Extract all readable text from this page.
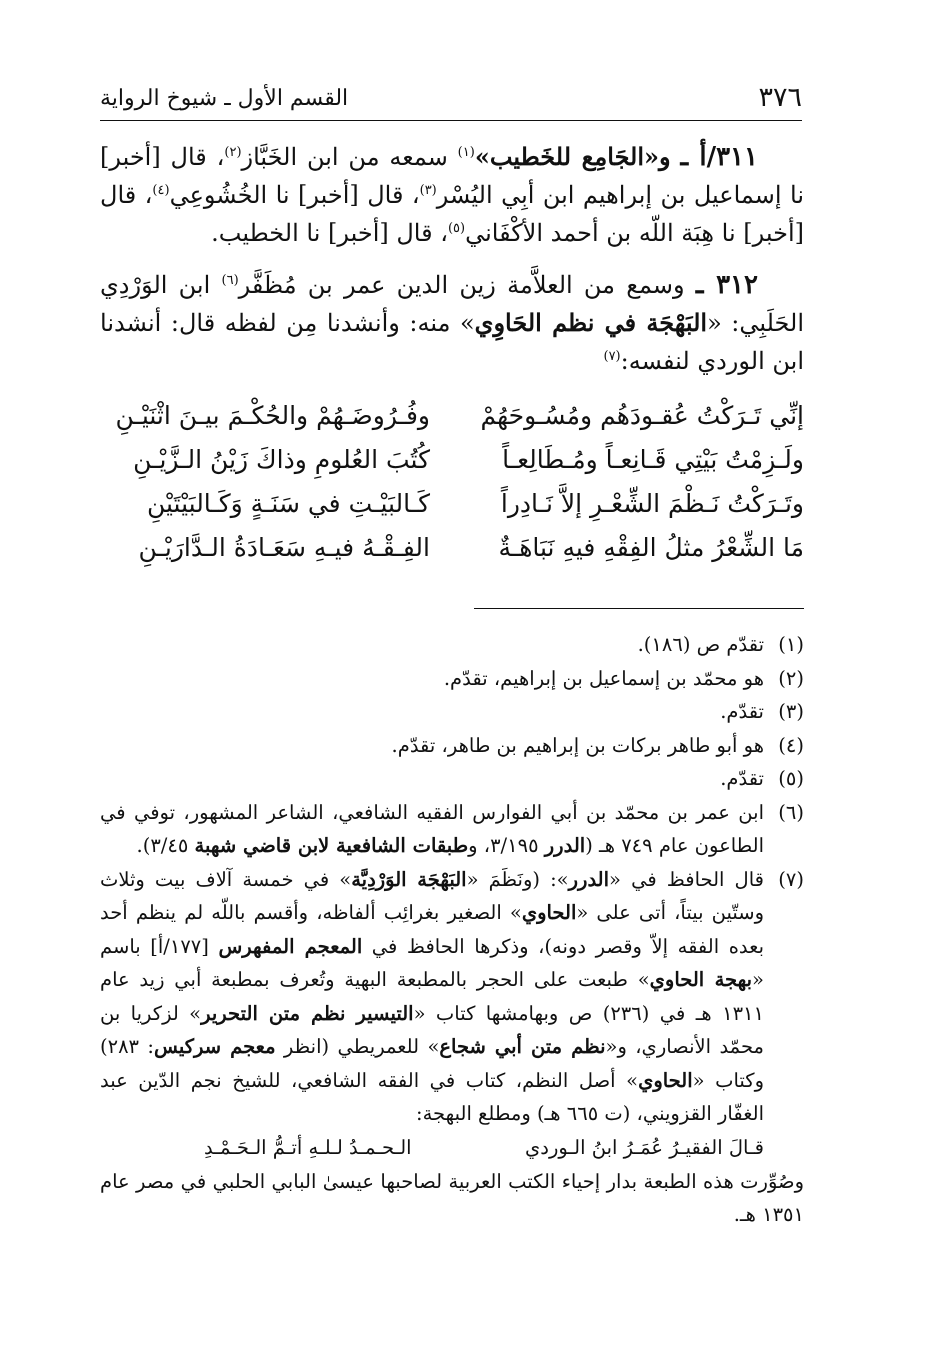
٣٧٦
القسم الأول ـ شيوخ الرواية

٣١١/أ ـ و«الجَامِع للخَطيب»$^{(١)}$ سمعه من ابن الخَبَّاز$^{(٢)}$، قال [أخبر] نا إسماعيل بن إبراهيم ابن أبِي اليُسْر$^{(٣)}$، قال [أخبر] نا الخُشُوعِي$^{(٤)}$، قال [أخبر] نا هِبَة اللّه بن أحمد الأكْفَاني$^{(٥)}$، قال [أخبر] نا الخطيب.

٣١٢ ـ وسمع من العلاَّمة زين الدين عمر بن مُظَفَّر$^{(٦)}$ ابن الوَرْدِي الحَلَبِي: «البَهْجَة في نظم الحَاوِي» منه: وأنشدنا مِن لفظه قال: أنشدنا ابن الوردي لنفسه:$^{(٧)}$

إنِّي تَـرَكْتُ عُقـودَهُم ومُسُـوحَهُمْ
وفُـرُوضَـهُمْ والحُكْـمَ بيـنَ اثْنَيْـنِ
ولَـزِمْتُ بَيْتِي قَـانِعـاً ومُـطَالِعـاً
كُتُبَ العُلومِ وذاكَ زَيْنُ الـزَّيْـنِ
وتَـرَكْتُ نَـظْمَ الشِّعْـرِ إلاَّ نَـادِراً
كَـالبَيْـتِ في سَنَـةٍ وَكَـالبَيْتَيْنِ
مَا الشِّعْرُ مثلُ الفِقْهِ فيهِ نَبَاهَـةٌ
الفِـقْـهُ فيـهِ سَعَـادَةُ الـدَّارَيْـنِ
(١)
تقدّم ص (١٨٦).
(٢)
هو محمّد بن إسماعيل بن إبراهيم، تقدّم.
(٣)
تقدّم.
(٤)
هو أبو طاهر بركات بن إبراهيم بن طاهر، تقدّم.
(٥)
تقدّم.
(٦)
ابن عمر بن محمّد بن أبي الفوارس الفقيه الشافعي، الشاعر المشهور، توفي في الطاعون عام ٧٤٩ هـ (الدرر ٣/١٩٥، وطبقات الشافعية لابن قاضي شهبة ٣/٤٥).
(٧)
قال الحافظ في «الدرر»: (ونَظَمَ «البَهْجَة الوَرْدِيَّة» في خمسة آلاف بيت وثلاث وستّين بيتاً، أتى على «الحاوي» الصغير بغرائِب ألفاظه، وأقسم باللّه لم ينظم أحد بعده الفقه إلاّ وقصر دونه)، وذكرها الحافظ في المعجم المفهرس [١٧٧/أ] باسم «بهجة الحاوي» طبعت على الحجر بالمطبعة البهية وتُعرف بمطبعة أبي زيد عام ١٣١١ هـ في (٢٣٦) ص وبهامشها كتاب «التيسير نظم متن التحرير» لزكريا بن محمّد الأنصاري، و«نظم متن أبي شجاع» للعمريطي (انظر معجم سركيس: ٢٨٣) وكتاب «الحاوي» أصل النظم، كتاب في الفقه الشافعي، للشيخ نجم الدّين عبد الغفّار القزويني، (ت ٦٦٥ هـ) ومطلع البهجة:
قـالَ الفقيـرُ عُمَـرُ ابنُ الـوردي
الـحـمـدُ لـلـهِ أتـمُّ الـحَـمْـدِ
وصُوِّرت هذه الطبعة بدار إحياء الكتب العربية لصاحبها عيسىٰ البابي الحلبي في مصر عام ١٣٥١ هـ.
